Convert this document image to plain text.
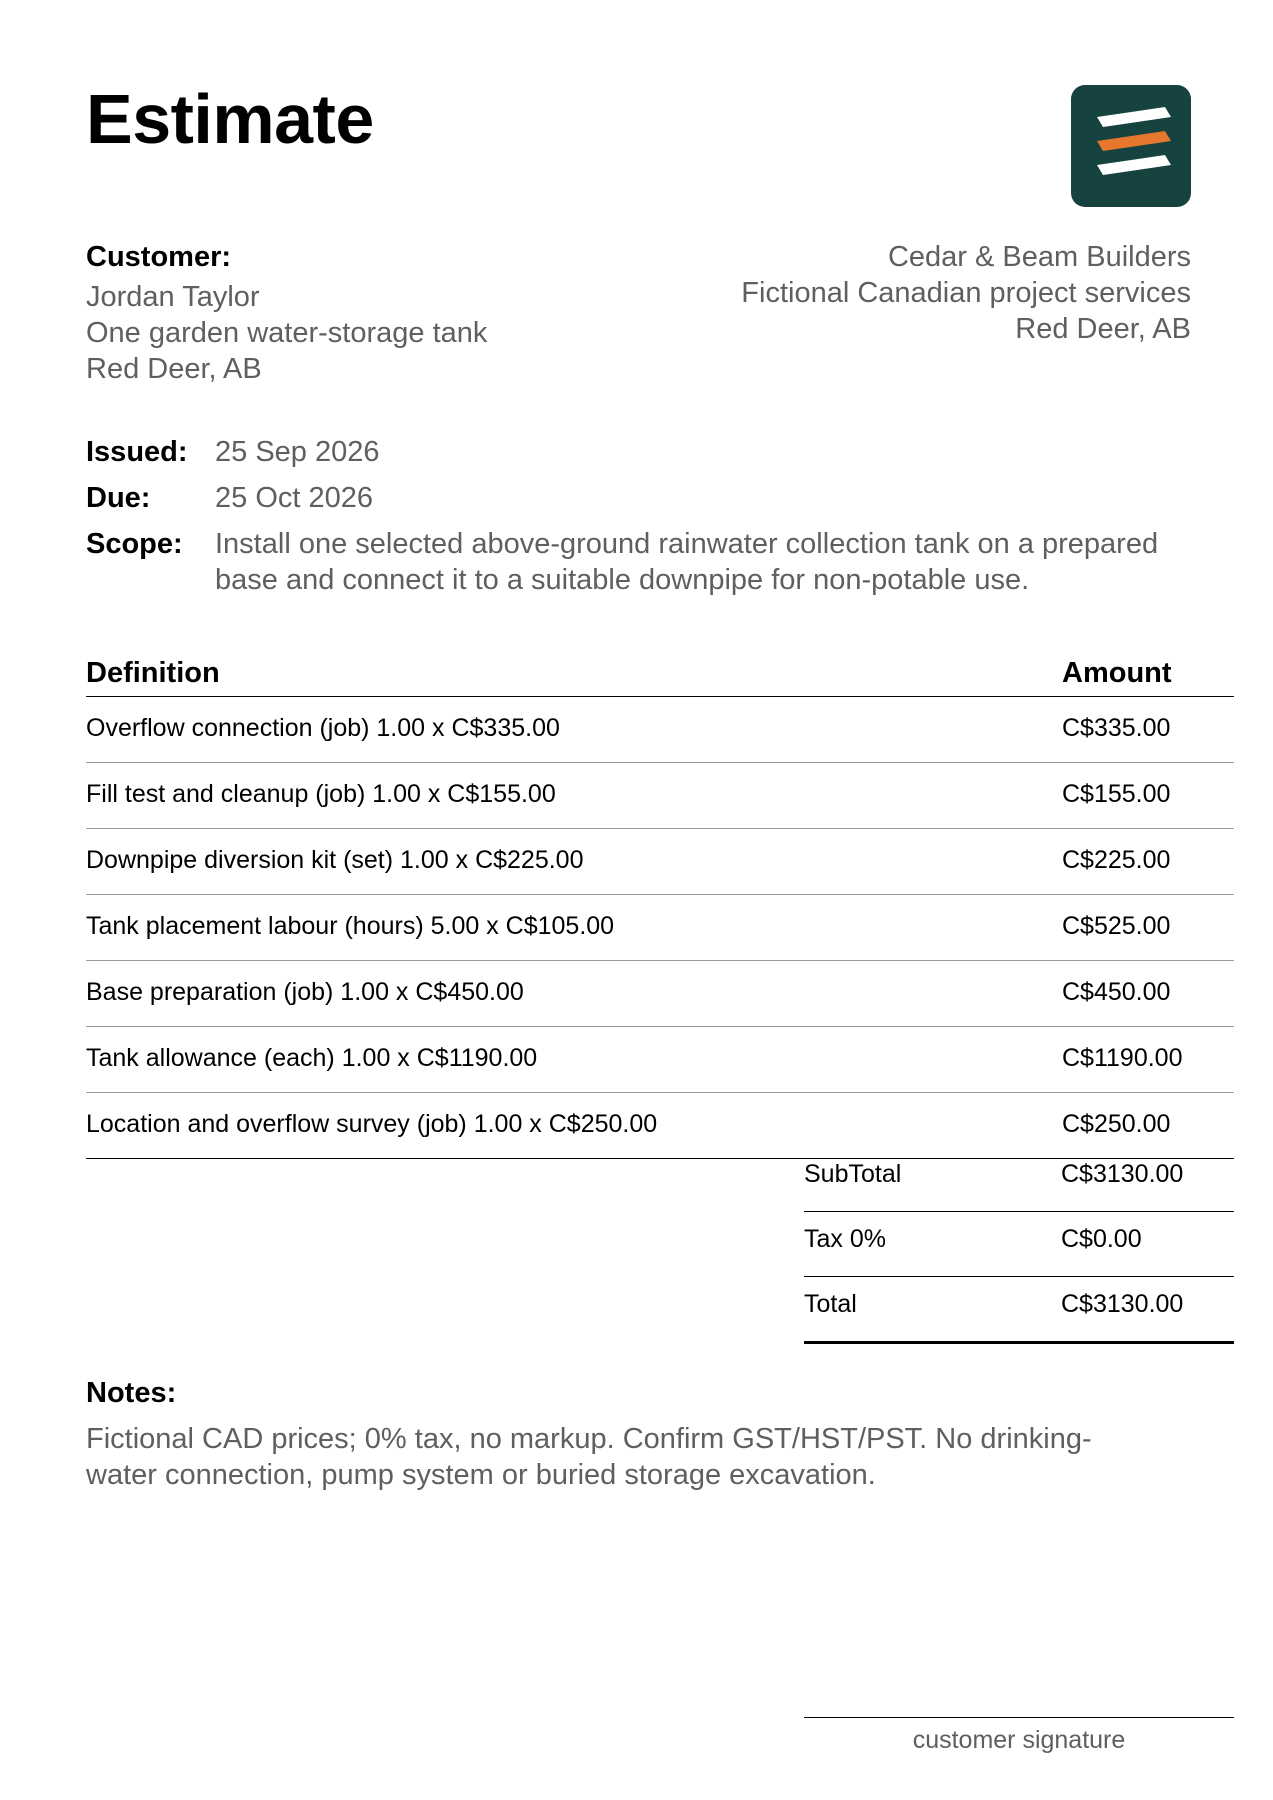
Estimate
Customer:
Jordan Taylor
One garden water-storage tank
Red Deer, AB
Cedar & Beam Builders
Fictional Canadian project services
Red Deer, AB
Issued: 25 Sep 2026
Due: 25 Oct 2026
Scope: Install one selected above-ground rainwater collection tank on a prepared
base and connect it to a suitable downpipe for non-potable use.
Definition	Amount
Overflow connection (job) 1.00 x C$335.00	C$335.00
Fill test and cleanup (job) 1.00 x C$155.00	C$155.00
Downpipe diversion kit (set) 1.00 x C$225.00	C$225.00
Tank placement labour (hours) 5.00 x C$105.00	C$525.00
Base preparation (job) 1.00 x C$450.00	C$450.00
Tank allowance (each) 1.00 x C$1190.00	C$1190.00
Location and overflow survey (job) 1.00 x C$250.00	C$250.00
SubTotal	C$3130.00
Tax 0%	C$0.00
Total	C$3130.00
Notes:
Fictional CAD prices; 0% tax, no markup. Confirm GST/HST/PST. No drinking-
water connection, pump system or buried storage excavation.
customer signature
